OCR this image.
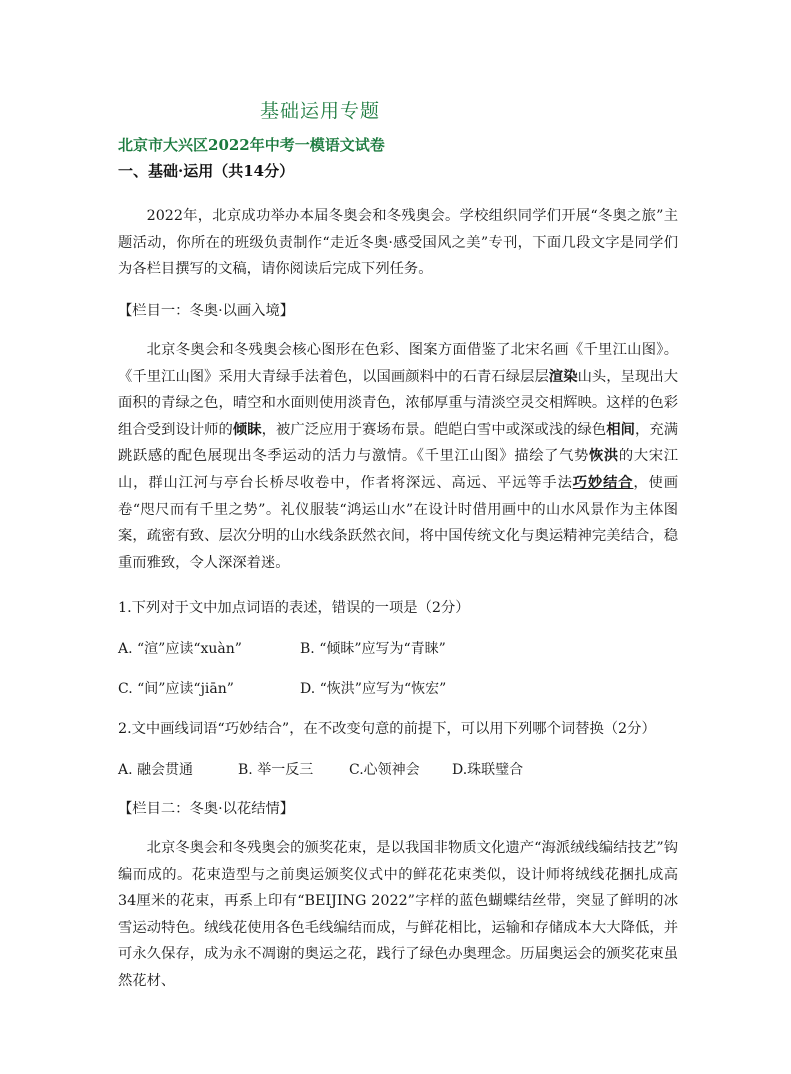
基础运用专题
北京市大兴区2022年中考一模语文试卷
一、基础·运用（共14分）
2022年，北京成功举办本届冬奥会和冬残奥会。学校组织同学们开展“冬奥之旅”主题活动，你所在的班级负责制作“走近冬奥·感受国风之美”专刊，下面几段文字是同学们为各栏目撰写的文稿，请你阅读后完成下列任务。
【栏目一：冬奥·以画入境】
北京冬奥会和冬残奥会核心图形在色彩、图案方面借鉴了北宋名画《千里江山图》。《千里江山图》采用大青绿手法着色，以国画颜料中的石青石绿层层渲染山头，呈现出大面积的青绿之色，晴空和水面则使用淡青色，浓郁厚重与清淡空灵交相辉映。这样的色彩组合受到设计师的倾眛，被广泛应用于赛场布景。皑皑白雪中或深或浅的绿色相间，充满跳跃感的配色展现出冬季运动的活力与激情。《千里江山图》描绘了气势恢洪的大宋江山，群山江河与亭台长桥尽收卷中，作者将深远、高远、平远等手法巧妙结合，使画卷“咫尺而有千里之势”。礼仪服装“鸿运山水”在设计时借用画中的山水风景作为主体图案，疏密有致、层次分明的山水线条跃然衣间，将中国传统文化与奥运精神完美结合，稳重而雅致，令人深深着迷。
1.下列对于文中加点词语的表述，错误的一项是（2分）
A. “渲”应读“xuàn”	B. “倾眛”应写为“青睐”
C. “间”应读“jiān”	D. “恢洪”应写为“恢宏”
2.文中画线词语“巧妙结合”，在不改变句意的前提下，可以用下列哪个词替换（2分）
A. 融会贯通	B. 举一反三	C.心领神会 D.珠联璧合
【栏目二：冬奥·以花结情】
北京冬奥会和冬残奥会的颁奖花束，是以我国非物质文化遗产“海派绒线编结技艺”钩编而成的。花束造型与之前奥运颁奖仪式中的鲜花花束类似，设计师将绒线花捆扎成高34厘米的花束，再系上印有“BEIJING 2022”字样的蓝色蝴蝶结丝带，突显了鲜明的冰雪运动特色。绒线花使用各色毛线编结而成，与鲜花相比，运输和存储成本大大降低，并可永久保存，成为永不凋谢的奥运之花，践行了绿色办奥理念。历届奥运会的颁奖花束虽然花材、
